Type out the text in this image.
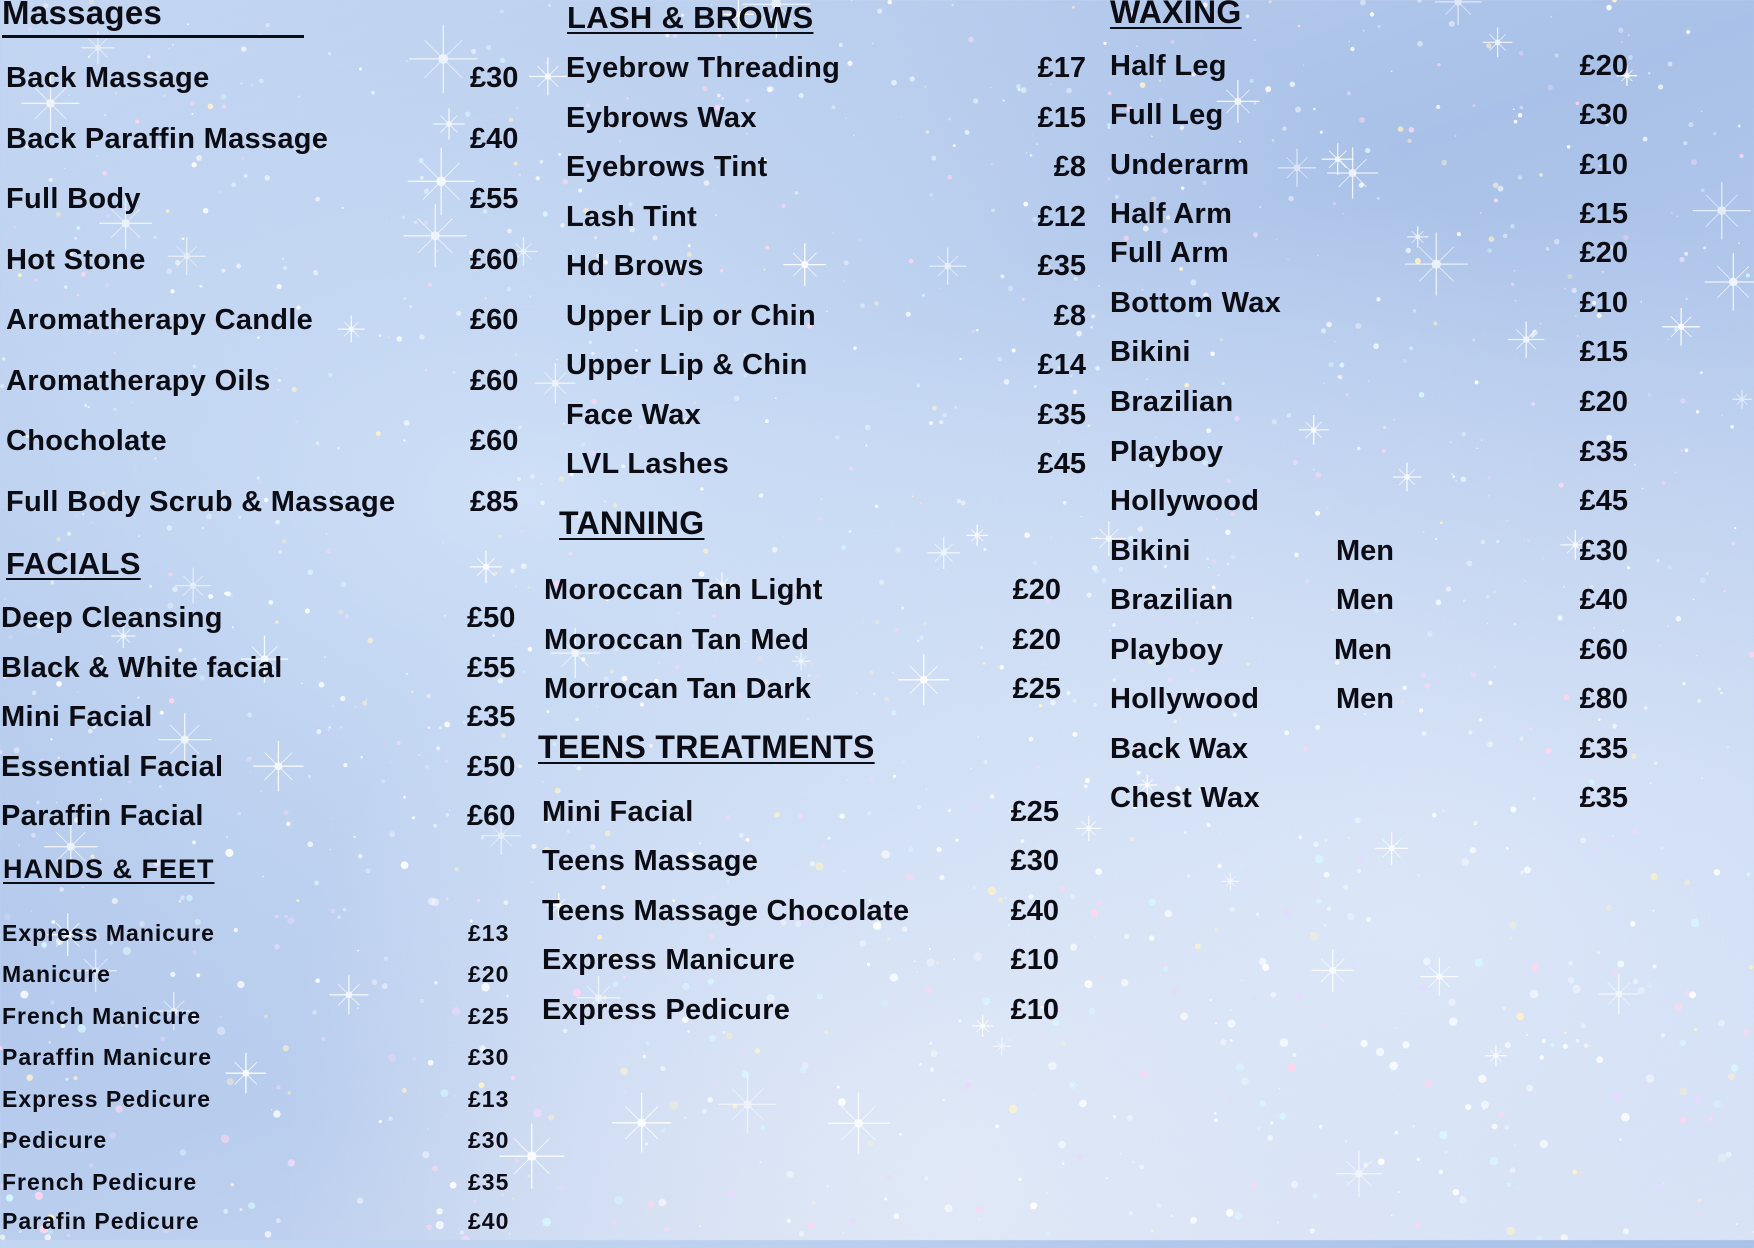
Massages
Back Massage	£30
Back Paraffin Massage	£40
Full Body	£55
Hot Stone	£60
Aromatherapy Candle	£60
Aromatherapy Oils	£60
Chocholate	£60
Full Body Scrub & Massage	£85
FACIALS
Deep Cleansing	£50
Black & White facial	£55
Mini Facial	£35
Essential Facial	£50
Paraffin Facial	£60
HANDS & FEET
Express Manicure	£13
Manicure	£20
French Manicure	£25
Paraffin Manicure	£30
Express Pedicure	£13
Pedicure	£30
French Pedicure	£35
Parafin Pedicure	£40
LASH & BROWS
Eyebrow Threading	£17
Eybrows Wax	£15
Eyebrows Tint	£8
Lash Tint	£12
Hd Brows	£35
Upper Lip or Chin	£8
Upper Lip & Chin	£14
Face Wax	£35
LVL Lashes	£45
TANNING
Moroccan Tan Light	£20
Moroccan Tan Med	£20
Morrocan Tan Dark	£25
TEENS TREATMENTS
Mini Facial	£25
Teens Massage	£30
Teens Massage Chocolate	£40
Express Manicure	£10
Express Pedicure	£10
WAXING
Half Leg	£20
Full Leg	£30
Underarm	£10
Half Arm	£15
Full Arm	£20
Bottom Wax	£10
Bikini	£15
Brazilian	£20
Playboy	£35
Hollywood	£45
Bikini	Men	£30
Brazilian	Men	£40
Playboy	Men	£60
Hollywood	Men	£80
Back Wax	£35
Chest Wax	£35
